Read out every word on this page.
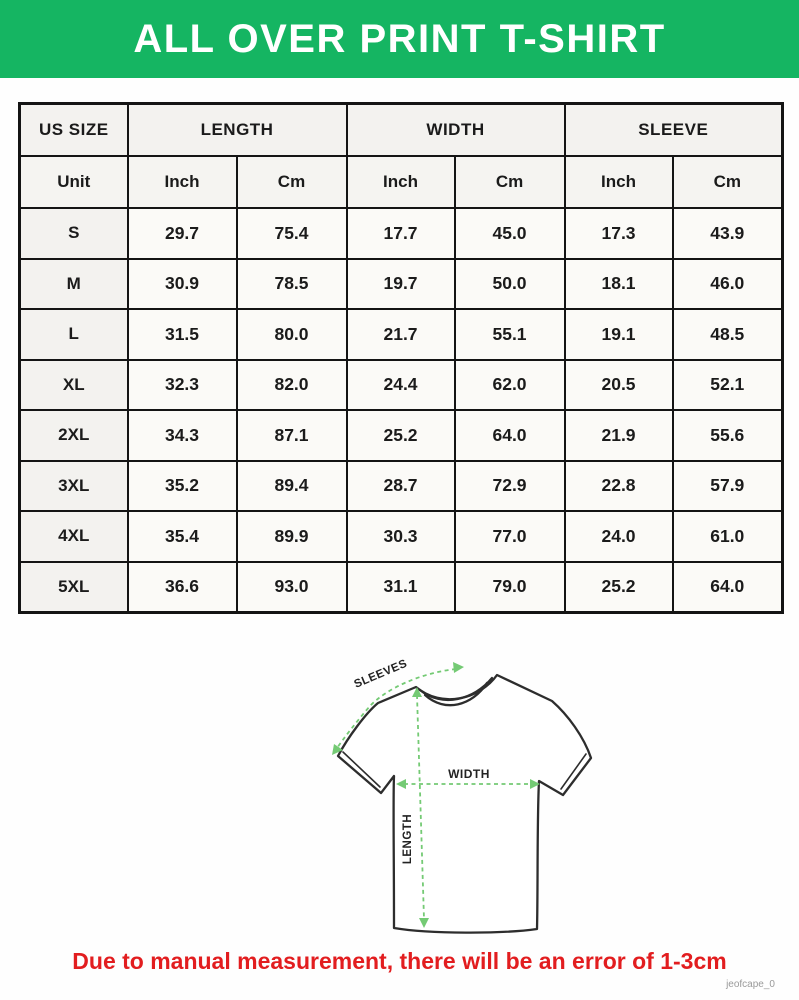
ALL OVER PRINT T-SHIRT
US SIZE	LENGTH		WIDTH		SLEEVE	
Unit	Inch	Cm	Inch	Cm	Inch	Cm
S	29.7	75.4	17.7	45.0	17.3	43.9
M	30.9	78.5	19.7	50.0	18.1	46.0
L	31.5	80.0	21.7	55.1	19.1	48.5
XL	32.3	82.0	24.4	62.0	20.5	52.1
2XL	34.3	87.1	25.2	64.0	21.9	55.6
3XL	35.2	89.4	28.7	72.9	22.8	57.9
4XL	35.4	89.9	30.3	77.0	24.0	61.0
5XL	36.6	93.0	31.1	79.0	25.2	64.0
SLEEVES
WIDTH
LENGTH

Due to manual measurement, there will be an error of 1-3cm

jeofcape_0
